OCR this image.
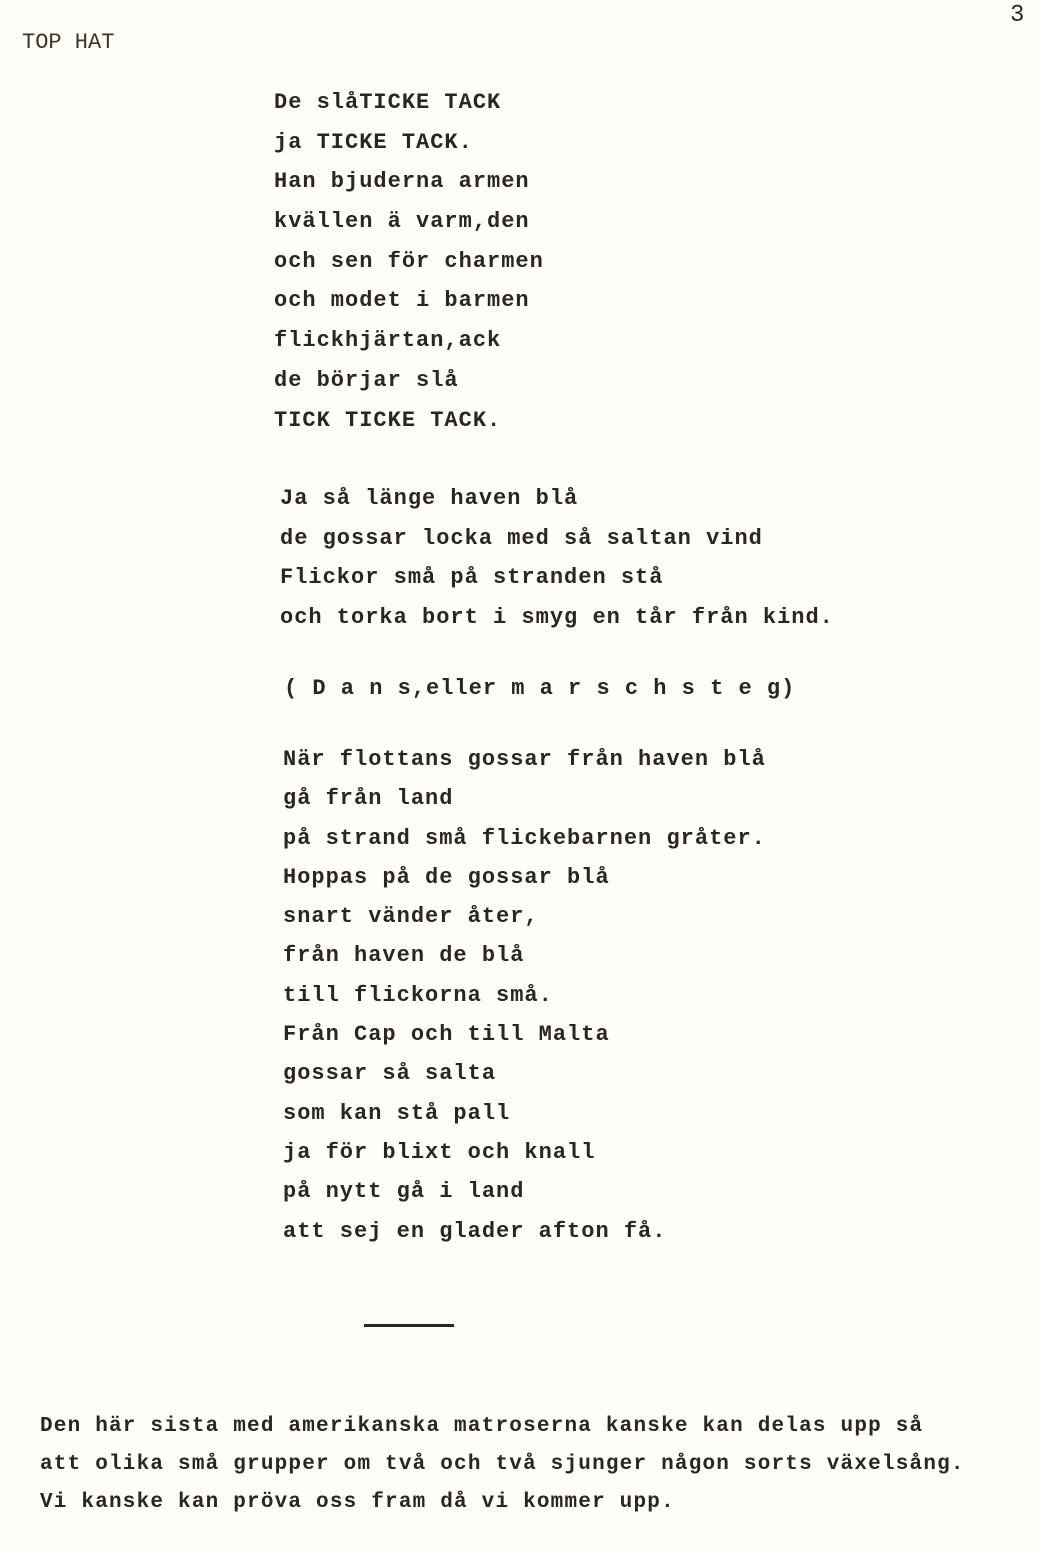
3
TOP HAT
De slåTICKE TACK
ja TICKE TACK.
Han bjuderna armen
kvällen ä varm,den
och sen för charmen
och modet i barmen
flickhjärtan,ack
de börjar slå
TICK TICKE TACK.
Ja så länge haven blå
de gossar locka med så saltan vind
Flickor små på stranden stå
och torka bort i smyg en tår från kind.
( D a n s,eller m a r s c h s t e g)
När flottans gossar från haven blå
gå från land
på strand små flickebarnen gråter.
Hoppas på de gossar blå
snart vänder åter,
från haven de blå
till flickorna små.
Från Cap och till Malta
gossar så salta
som kan stå pall
ja för blixt och knall
på nytt gå i land
att sej en glader afton få.
Den här sista med amerikanska matroserna kanske kan delas upp så
att olika små grupper om två och två sjunger någon sorts växelsång.
Vi kanske kan pröva oss fram då vi kommer upp.
